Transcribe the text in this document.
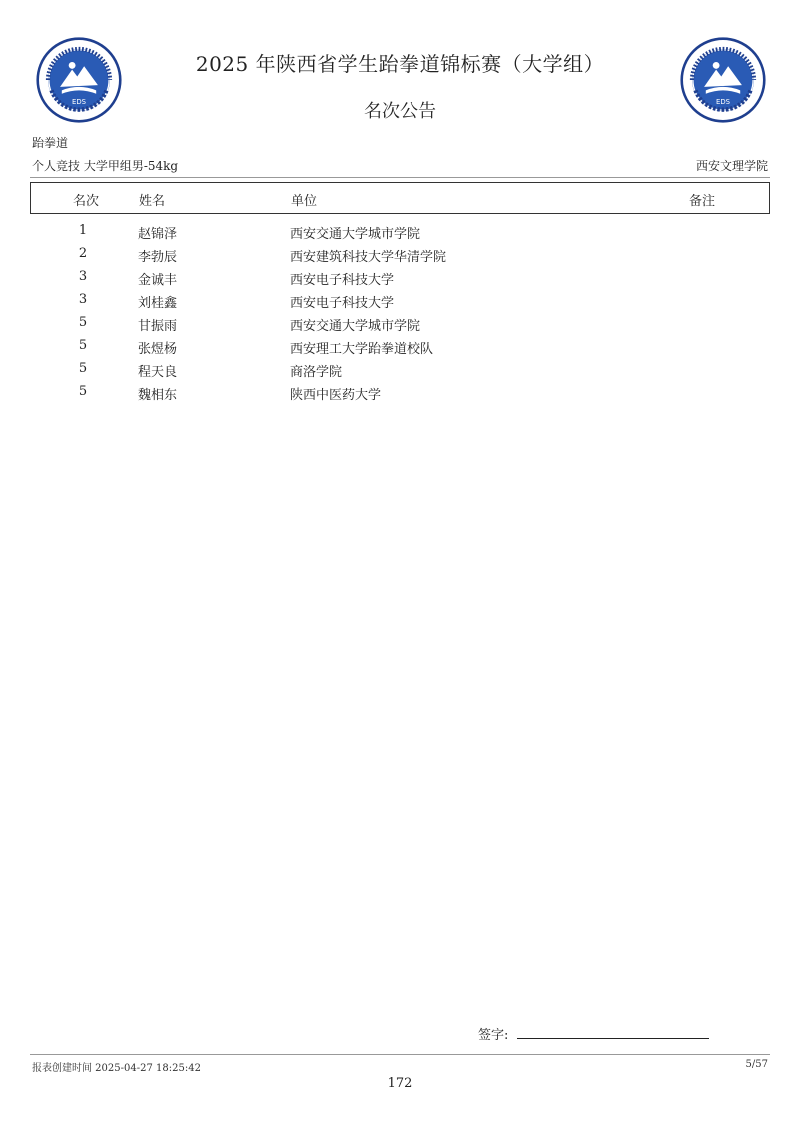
EDS	EDS
2025 年陕西省学生跆拳道锦标赛（大学组）
名次公告
跆拳道
个人竞技 大学甲组男-54kg	西安文理学院
名次	姓名	单位	备注
1	赵锦泽	西安交通大学城市学院
2	李勃辰	西安建筑科技大学华清学院
3	金诚丰	西安电子科技大学
3	刘桂鑫	西安电子科技大学
5	甘振雨	西安交通大学城市学院
5	张煜杨	西安理工大学跆拳道校队
5	程天良	商洛学院
5	魏相东	陕西中医药大学
签字:
报表创建时间 2025-04-27 18:25:42	5/57
172
